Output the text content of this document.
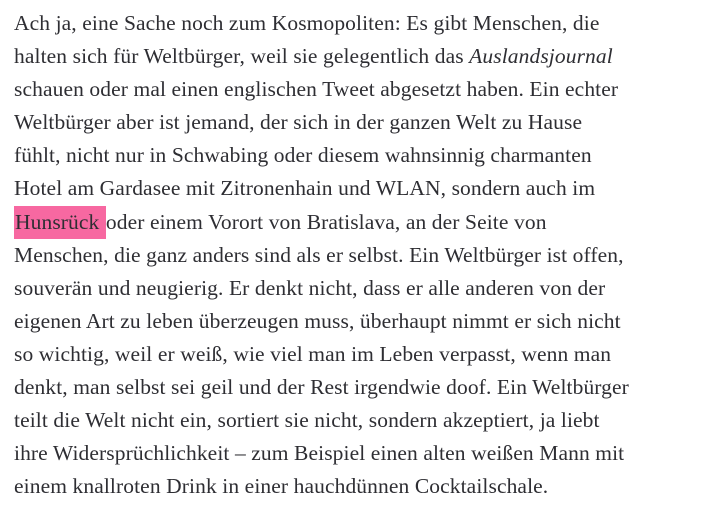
Ach ja, eine Sache noch zum Kosmopoliten: Es gibt Menschen, die
halten sich für Weltbürger, weil sie gelegentlich das Auslandsjournal
schauen oder mal einen englischen Tweet abgesetzt haben. Ein echter
Weltbürger aber ist jemand, der sich in der ganzen Welt zu Hause
fühlt, nicht nur in Schwabing oder diesem wahnsinnig charmanten
Hotel am Gardasee mit Zitronenhain und WLAN, sondern auch im
Hunsrück oder einem Vorort von Bratislava, an der Seite von
Menschen, die ganz anders sind als er selbst. Ein Weltbürger ist offen,
souverän und neugierig. Er denkt nicht, dass er alle anderen von der
eigenen Art zu leben überzeugen muss, überhaupt nimmt er sich nicht
so wichtig, weil er weiß, wie viel man im Leben verpasst, wenn man
denkt, man selbst sei geil und der Rest irgendwie doof. Ein Weltbürger
teilt die Welt nicht ein, sortiert sie nicht, sondern akzeptiert, ja liebt
ihre Widersprüchlichkeit – zum Beispiel einen alten weißen Mann mit
einem knallroten Drink in einer hauchdünnen Cocktailschale.
